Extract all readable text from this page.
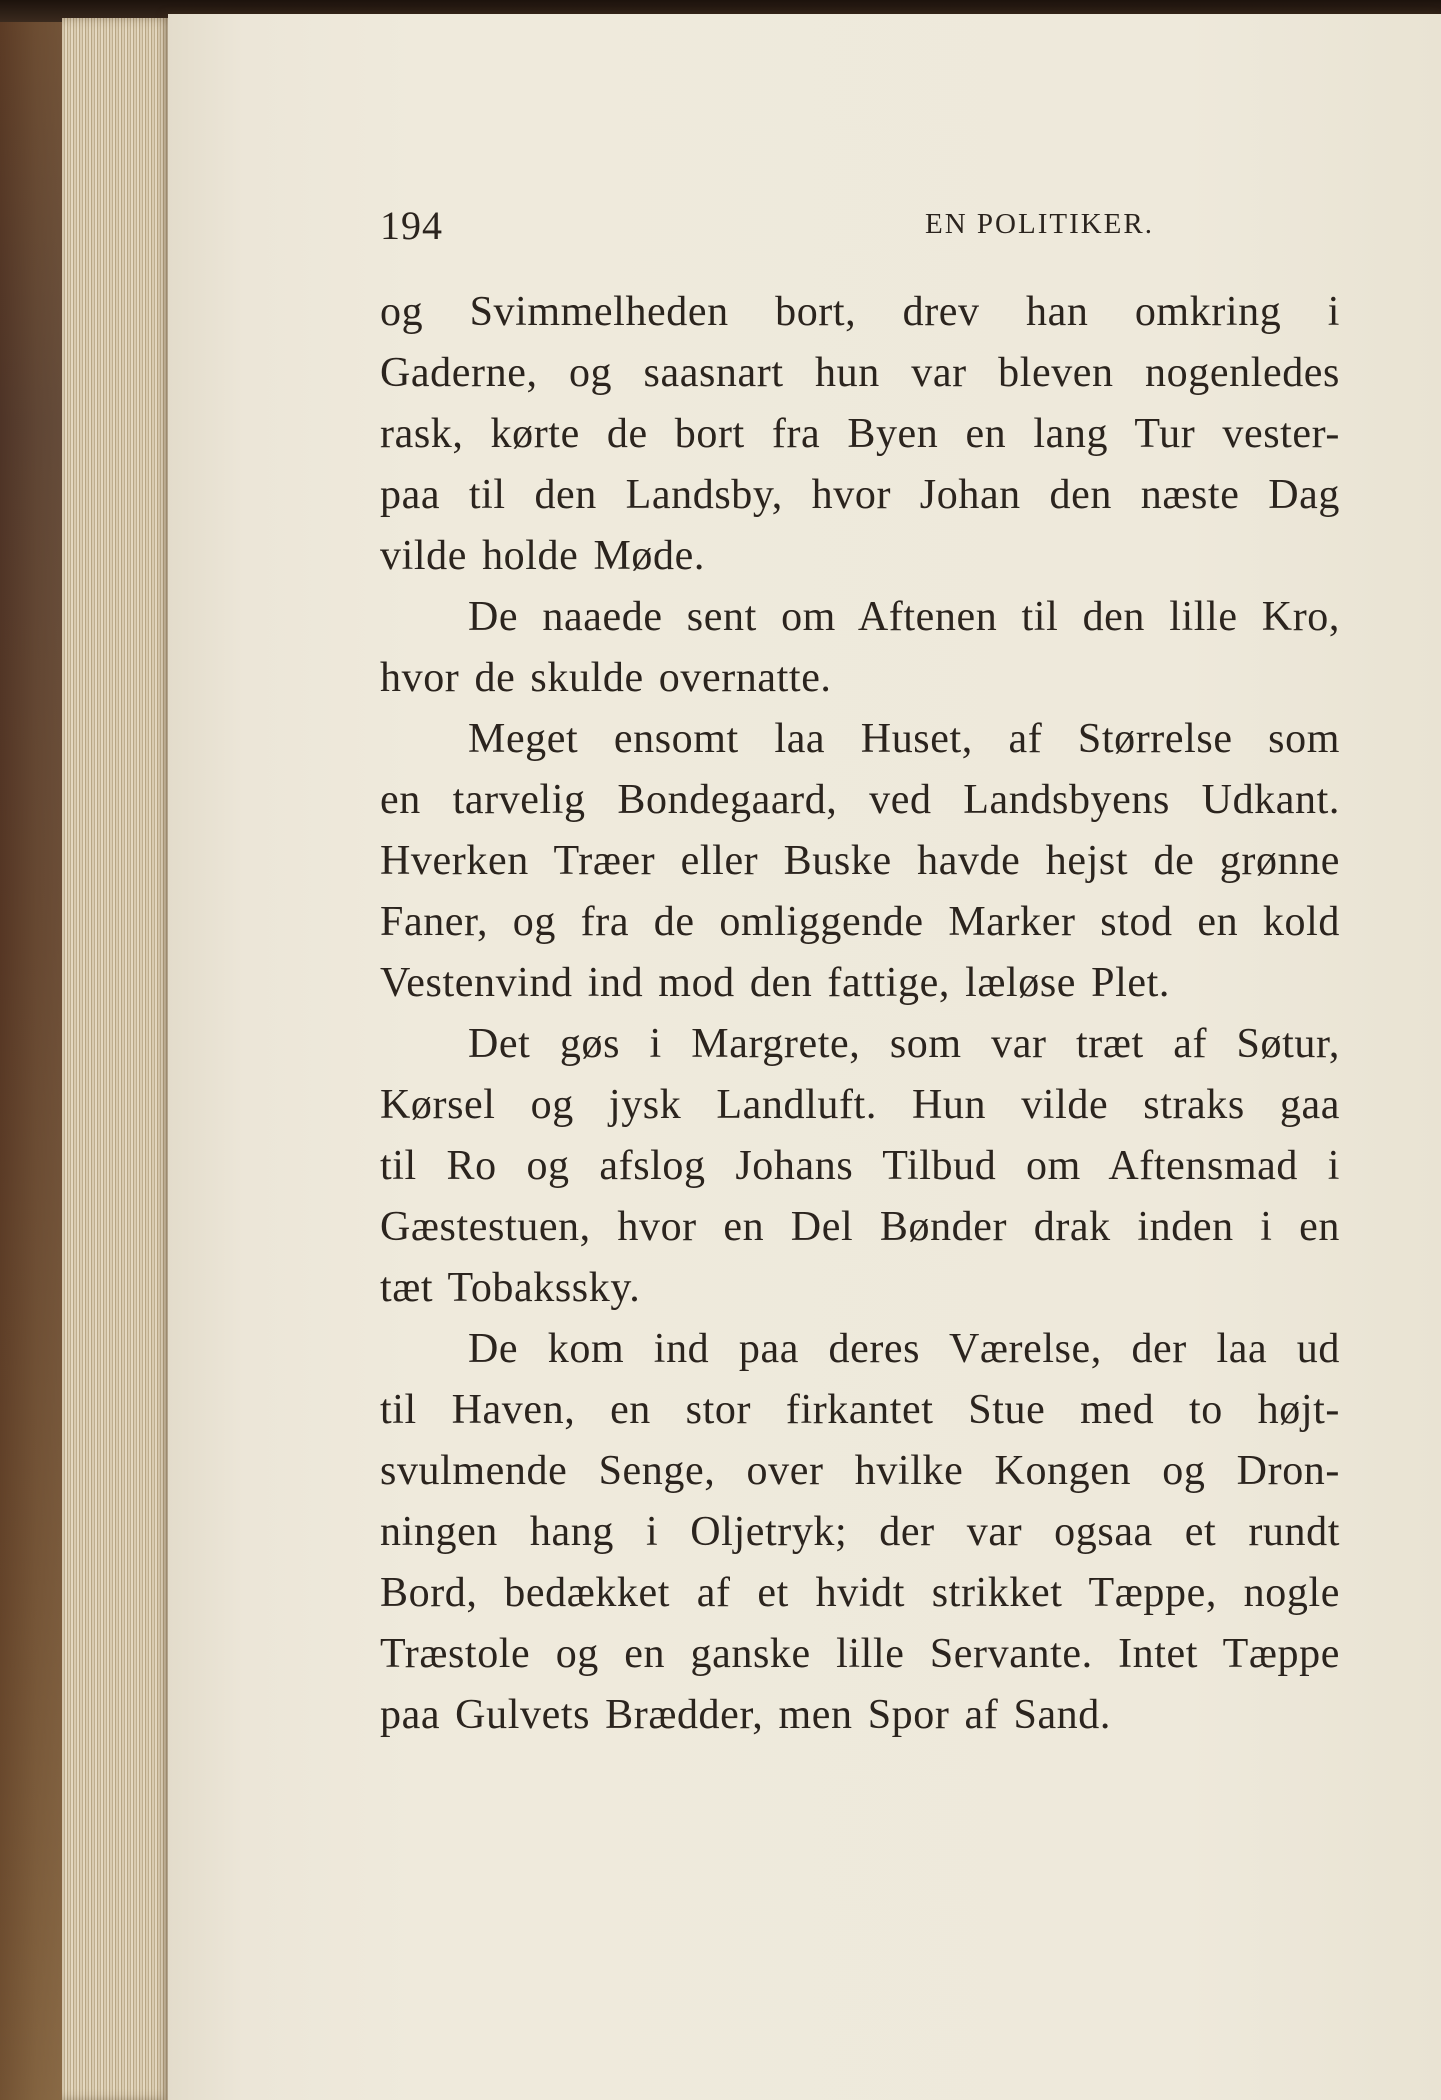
194	EN POLITIKER.
og Svimmelheden bort, drev han omkring i
Gaderne, og saasnart hun var bleven nogenledes
rask, kørte de bort fra Byen en lang Tur vester-
paa til den Landsby, hvor Johan den næste Dag
vilde holde Møde.
De naaede sent om Aftenen til den lille Kro,
hvor de skulde overnatte.
Meget ensomt laa Huset, af Størrelse som
en tarvelig Bondegaard, ved Landsbyens Udkant.
Hverken Træer eller Buske havde hejst de grønne
Faner, og fra de omliggende Marker stod en kold
Vestenvind ind mod den fattige, læløse Plet.
Det gøs i Margrete, som var træt af Søtur,
Kørsel og jysk Landluft. Hun vilde straks gaa
til Ro og afslog Johans Tilbud om Aftensmad i
Gæstestuen, hvor en Del Bønder drak inden i en
tæt Tobakssky.
De kom ind paa deres Værelse, der laa ud
til Haven, en stor firkantet Stue med to højt-
svulmende Senge, over hvilke Kongen og Dron-
ningen hang i Oljetryk; der var ogsaa et rundt
Bord, bedækket af et hvidt strikket Tæppe, nogle
Træstole og en ganske lille Servante. Intet Tæppe
paa Gulvets Brædder, men Spor af Sand.
